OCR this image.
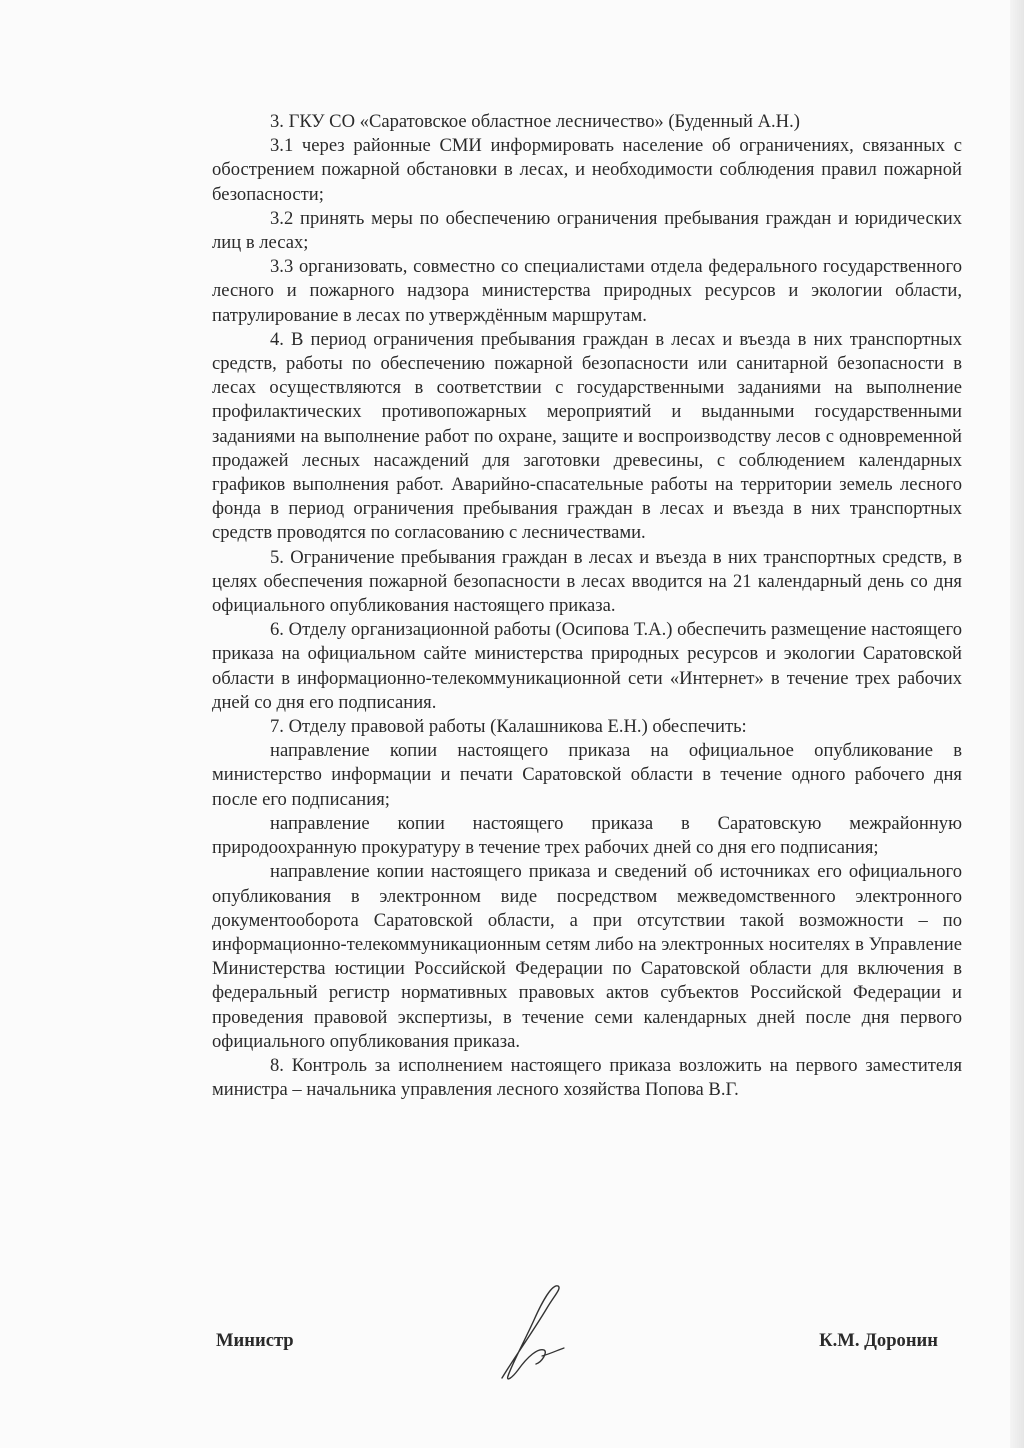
3. ГКУ СО «Саратовское областное лесничество» (Буденный А.Н.)

3.1 через районные СМИ информировать население об ограничениях, связанных с обострением пожарной обстановки в лесах, и необходимости соблюдения правил пожарной безопасности;

3.2 принять меры по обеспечению ограничения пребывания граждан и юридических лиц в лесах;

3.3 организовать, совместно со специалистами отдела федерального государственного лесного и пожарного надзора министерства природных ресурсов и экологии области, патрулирование в лесах по утверждённым маршрутам.

4. В период ограничения пребывания граждан в лесах и въезда в них транспортных средств, работы по обеспечению пожарной безопасности или санитарной безопасности в лесах осуществляются в соответствии с государственными заданиями на выполнение профилактических противопожарных мероприятий и выданными государственными заданиями на выполнение работ по охране, защите и воспроизводству лесов с одновременной продажей лесных насаждений для заготовки древесины, с соблюдением календарных графиков выполнения работ. Аварийно-спасательные работы на территории земель лесного фонда в период ограничения пребывания граждан в лесах и въезда в них транспортных средств проводятся по согласованию с лесничествами.

5. Ограничение пребывания граждан в лесах и въезда в них транспортных средств, в целях обеспечения пожарной безопасности в лесах вводится на 21 календарный день со дня официального опубликования настоящего приказа.

6. Отделу организационной работы (Осипова Т.А.) обеспечить размещение настоящего приказа на официальном сайте министерства природных ресурсов и экологии Саратовской области в информационно-телекоммуникационной сети «Интернет» в течение трех рабочих дней со дня его подписания.

7. Отделу правовой работы (Калашникова Е.Н.) обеспечить:

направление копии настоящего приказа на официальное опубликование в министерство информации и печати Саратовской области в течение одного рабочего дня после его подписания;

направление копии настоящего приказа в Саратовскую межрайонную природоохранную прокуратуру в течение трех рабочих дней со дня его подписания;

направление копии настоящего приказа и сведений об источниках его официального опубликования в электронном виде посредством межведомственного электронного документооборота Саратовской области, а при отсутствии такой возможности – по информационно-телекоммуникационным сетям либо на электронных носителях в Управление Министерства юстиции Российской Федерации по Саратовской области для включения в федеральный регистр нормативных правовых актов субъектов Российской Федерации и проведения правовой экспертизы, в течение семи календарных дней после дня первого официального опубликования приказа.

8. Контроль за исполнением настоящего приказа возложить на первого заместителя министра – начальника управления лесного хозяйства Попова В.Г.

Министр	К.М. Доронин
